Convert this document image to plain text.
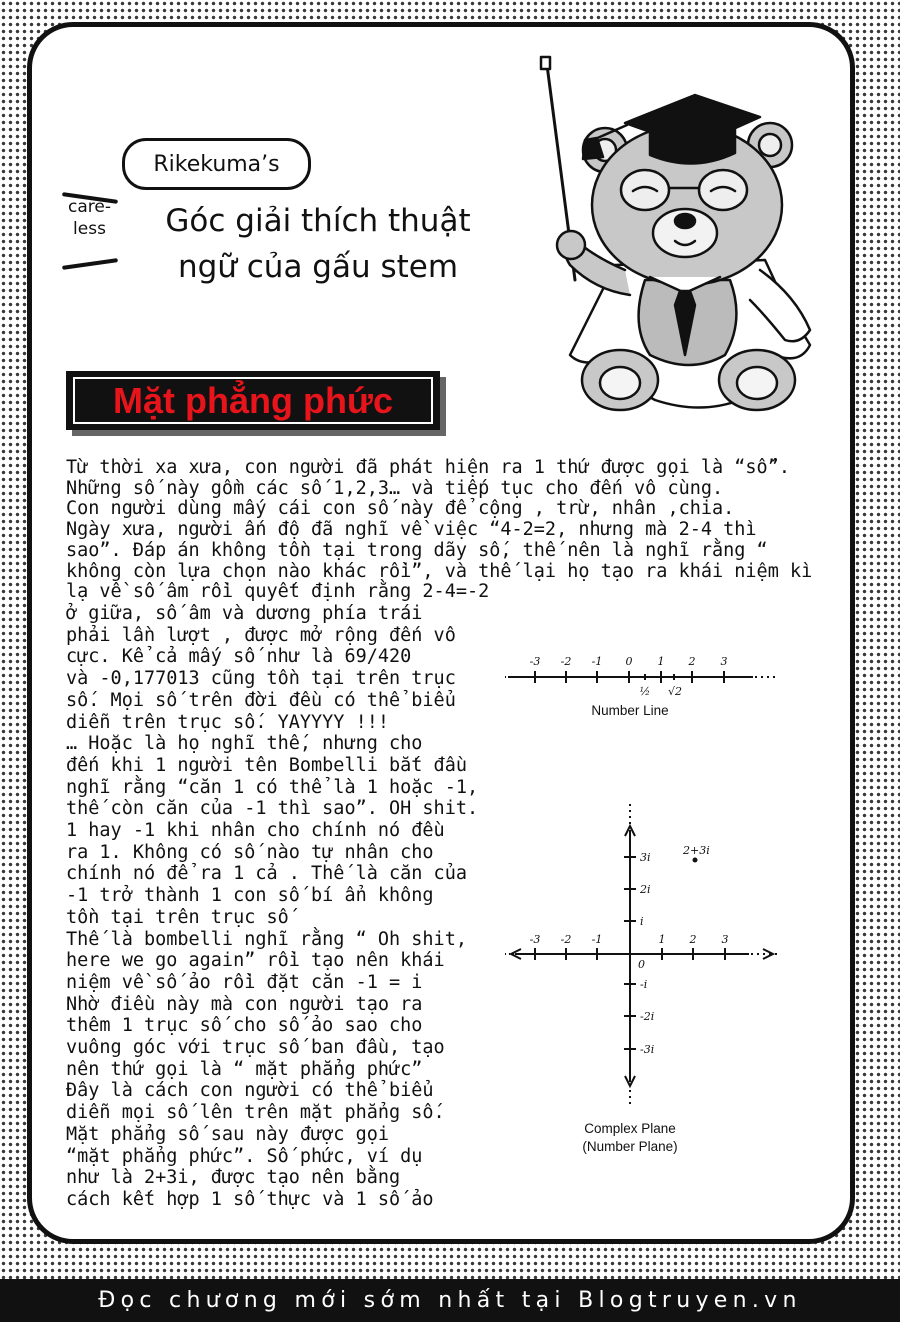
Rikekuma’s
care-
less	Góc giải thích thuật
ngữ của gấu stem
Mặt phẳng phức
Từ thời xa xưa, con người đã phát hiện ra 1 thứ được gọi là “số”.
Những số này gồm các số 1,2,3… và tiếp tục cho đến vô cùng.
Con người dùng mấy cái con số này để cộng , trừ, nhân ,chia.
Ngày xưa, người ấn độ đã nghĩ về việc “4-2=2, nhưng mà 2-4 thì
sao”. Đáp án không tồn tại trong dãy số, thế nên là nghĩ rằng “
không còn lựa chọn nào khác rồi”, và thế lại họ tạo ra khái niệm kì
lạ về số âm rồi quyết định rằng 2-4=-2
ở giữa, số âm và dương phía trái
phải lần lượt , được mở rộng đến vô
cực. Kể cả mấy số như là 69/420
và -0,177013 cũng tồn tại trên trục
số. Mọi số trên đời đều có thể biểu
diễn trên trục số. YAYYYY !!!
… Hoặc là họ nghĩ thế, nhưng cho
đến khi 1 người tên Bombelli bắt đầu
nghĩ rằng “căn 1 có thể là 1 hoặc -1,
thế còn căn của -1 thì sao”. OH shit.
1 hay -1 khi nhân cho chính nó đều
ra 1. Không có số nào tự nhân cho
chính nó để ra 1 cả . Thế là căn của
-1 trở thành 1 con số bí ẩn không
tồn tại trên trục số
Thế là bombelli nghĩ rằng “ Oh shit,
here we go again” rồi tạo nên khái
niệm về số ảo rồi đặt căn -1 = i
Nhờ điều này mà con người tạo ra
thêm 1 trục số cho số ảo sao cho
vuông góc với trục số ban đầu, tạo
nên thứ gọi là “ mặt phẳng phức”
Đây là cách con người có thể biểu
diễn mọi số lên trên mặt phẳng số.
Mặt phẳng số sau này được gọi
“mặt phẳng phức”. Số phức, ví dụ
như là 2+3i, được tạo nên bằng
cách kết hợp 1 số thực và 1 số ảo
-3 -2 -1 0 1 2 3
½ √2
Number Line
-3 -2 -1	1 2 3
0
3i
2i
i
-i
-2i
-3i
2+3i
Complex Plane
(Number Plane)
Đọc chương mới sớm nhất tại Blogtruyen.vn
